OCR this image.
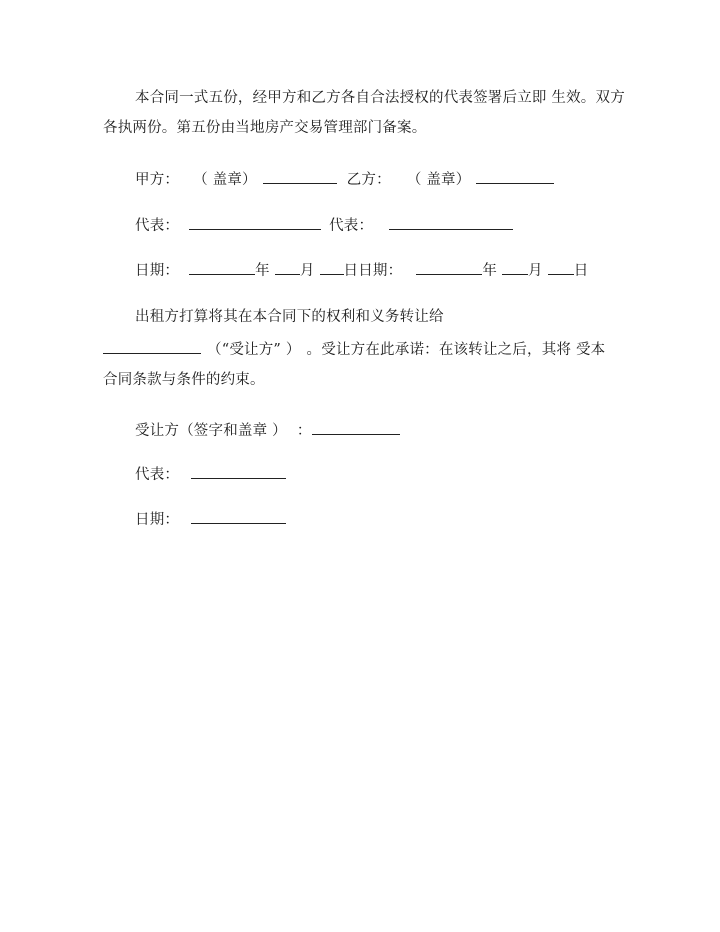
本合同一式五份，经甲方和乙方各自合法授权的代表签署后立即 生效。双方
各执两份。第五份由当地房产交易管理部门备案。
甲方： （ 盖章）	乙方： （ 盖章）
代表：	代表：
日期：	年 月 日日期：	年 月 日
出租方打算将其在本合同下的权利和义务转让给
（“受让方” ） 。受让方在此承诺：在该转让之后，其将 受本
合同条款与条件的约束。
受让方（签字和盖章 ） ：
代表：
日期：
